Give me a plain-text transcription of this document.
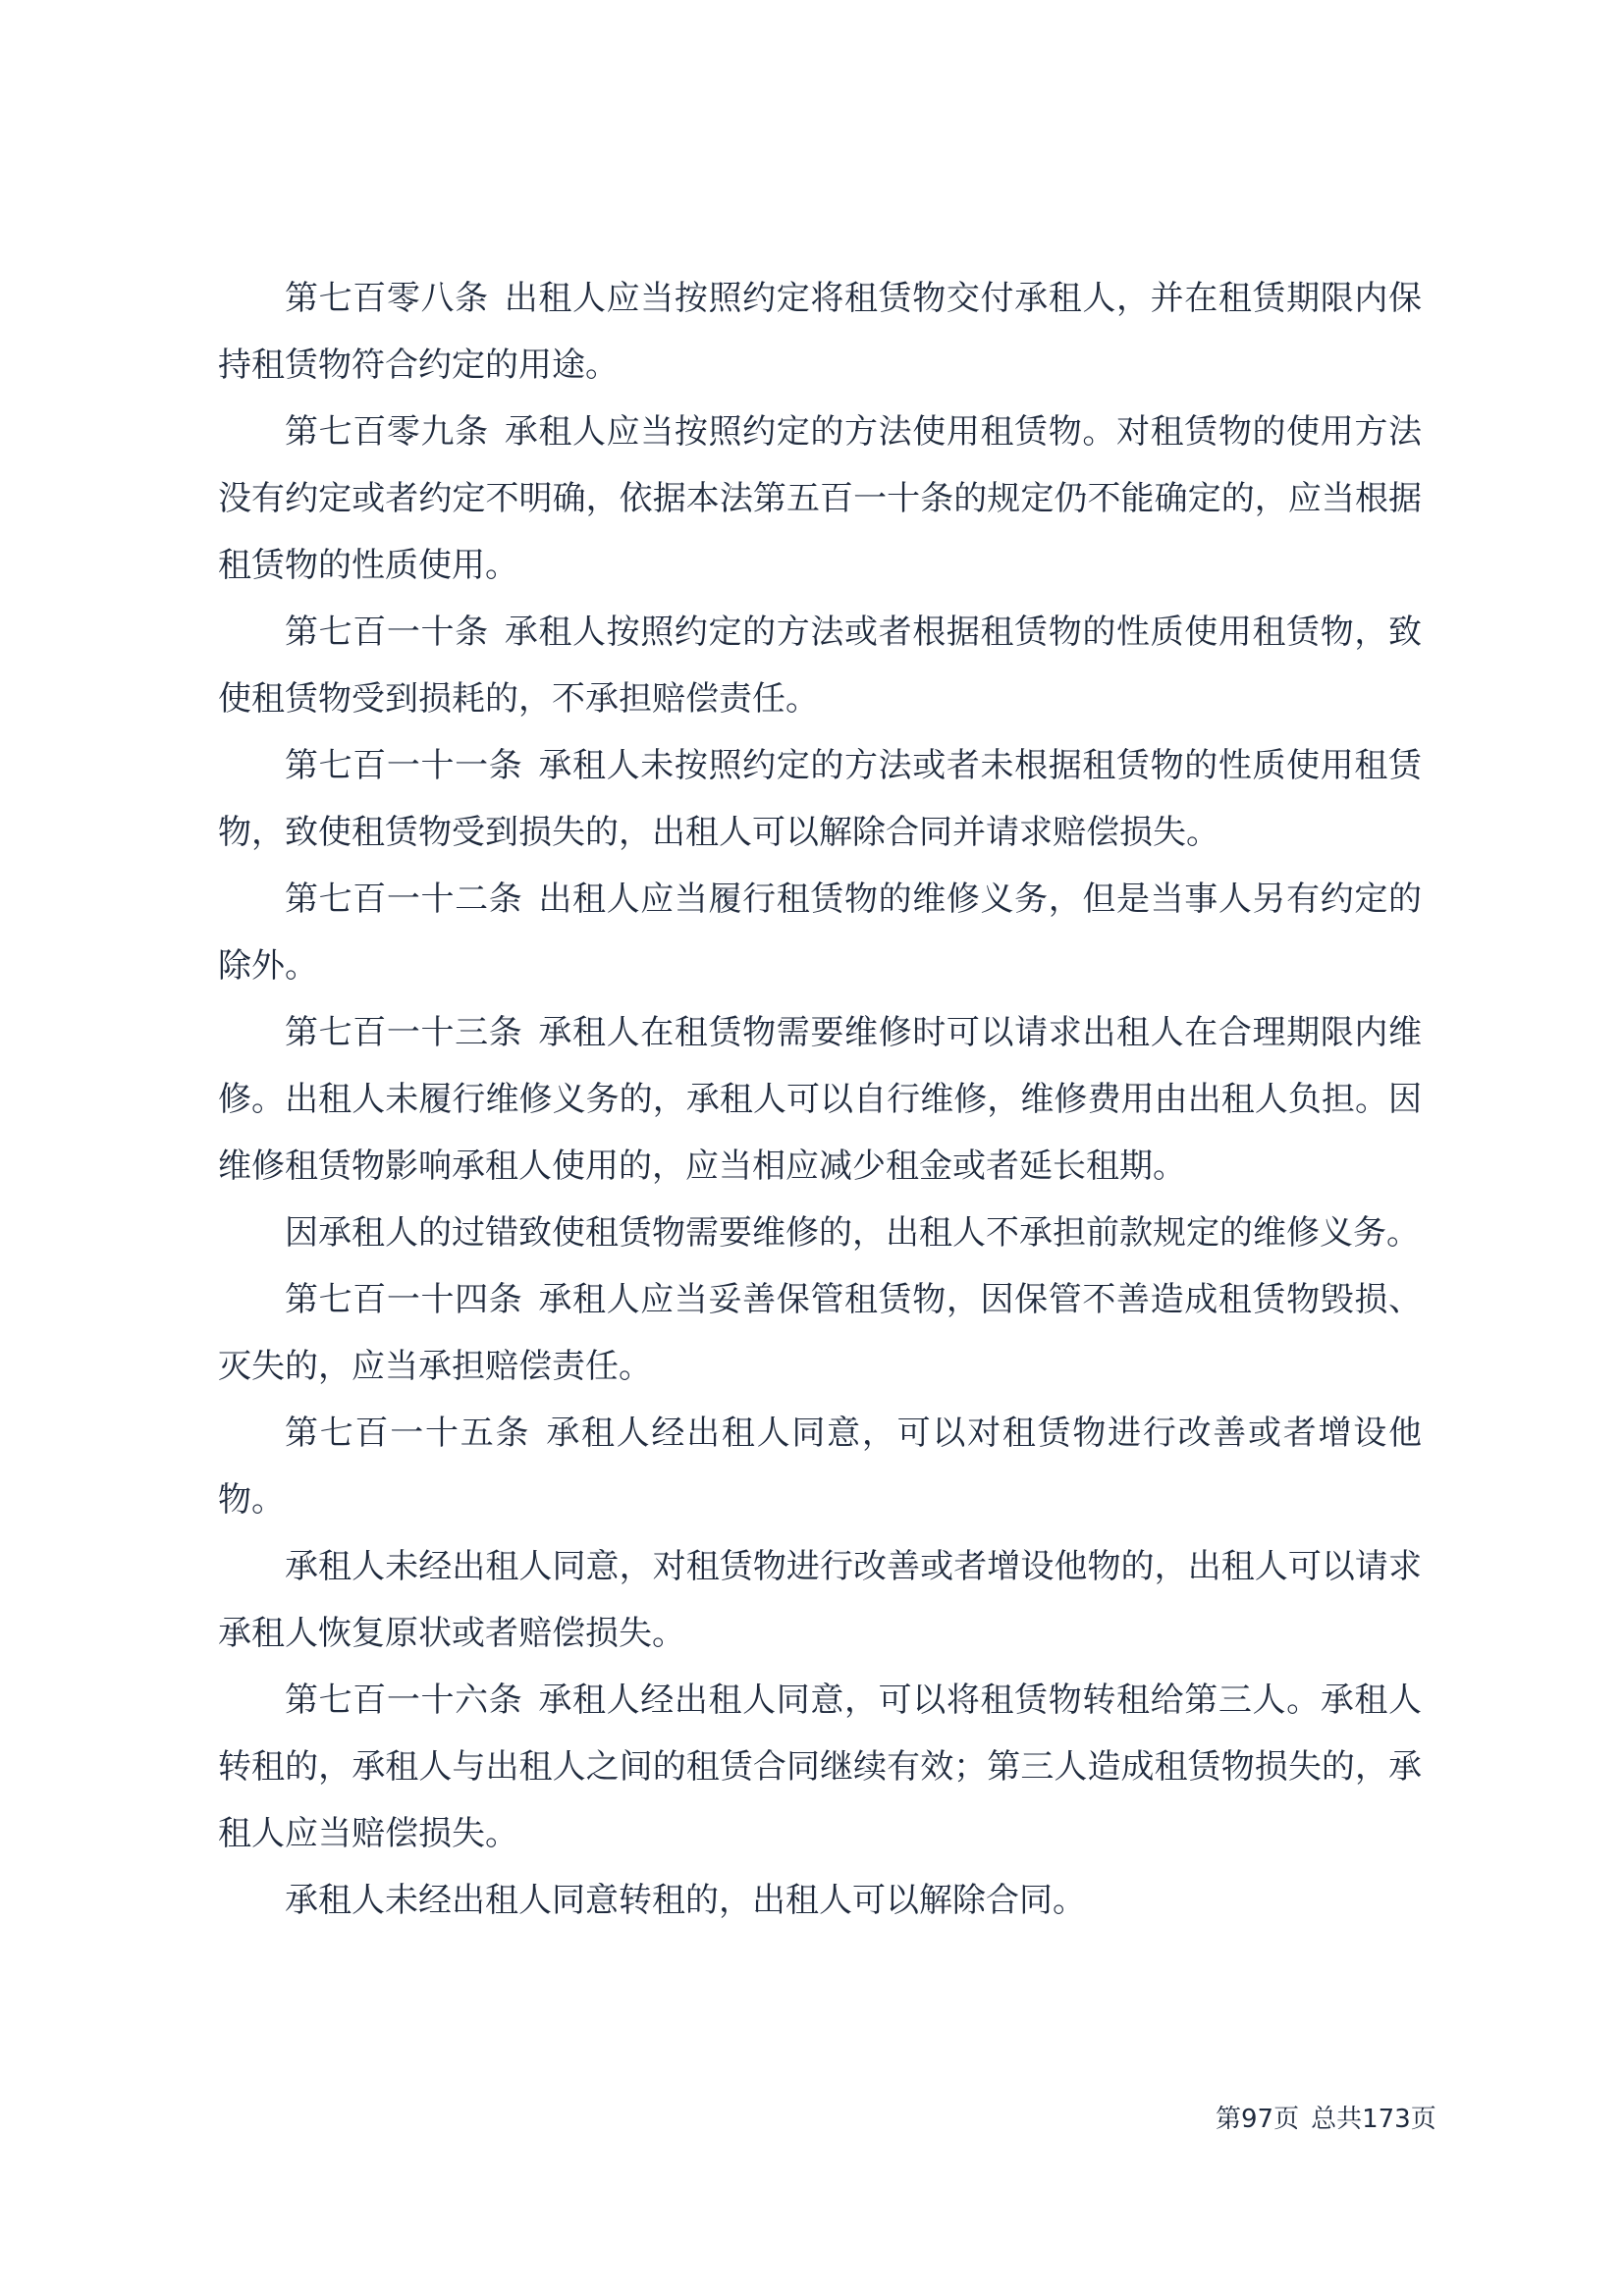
第七百零八条 出租人应当按照约定将租赁物交付承租人，并在租赁期限内保持租赁物符合约定的用途。

第七百零九条 承租人应当按照约定的方法使用租赁物。对租赁物的使用方法没有约定或者约定不明确，依据本法第五百一十条的规定仍不能确定的，应当根据租赁物的性质使用。

第七百一十条 承租人按照约定的方法或者根据租赁物的性质使用租赁物，致使租赁物受到损耗的，不承担赔偿责任。

第七百一十一条 承租人未按照约定的方法或者未根据租赁物的性质使用租赁物，致使租赁物受到损失的，出租人可以解除合同并请求赔偿损失。

第七百一十二条 出租人应当履行租赁物的维修义务，但是当事人另有约定的除外。

第七百一十三条 承租人在租赁物需要维修时可以请求出租人在合理期限内维修。出租人未履行维修义务的，承租人可以自行维修，维修费用由出租人负担。因维修租赁物影响承租人使用的，应当相应减少租金或者延长租期。

因承租人的过错致使租赁物需要维修的，出租人不承担前款规定的维修义务。

第七百一十四条 承租人应当妥善保管租赁物，因保管不善造成租赁物毁损、灭失的，应当承担赔偿责任。

第七百一十五条 承租人经出租人同意，可以对租赁物进行改善或者增设他物。

承租人未经出租人同意，对租赁物进行改善或者增设他物的，出租人可以请求承租人恢复原状或者赔偿损失。

第七百一十六条 承租人经出租人同意，可以将租赁物转租给第三人。承租人转租的，承租人与出租人之间的租赁合同继续有效；第三人造成租赁物损失的，承租人应当赔偿损失。

承租人未经出租人同意转租的，出租人可以解除合同。

第97页 总共173页
